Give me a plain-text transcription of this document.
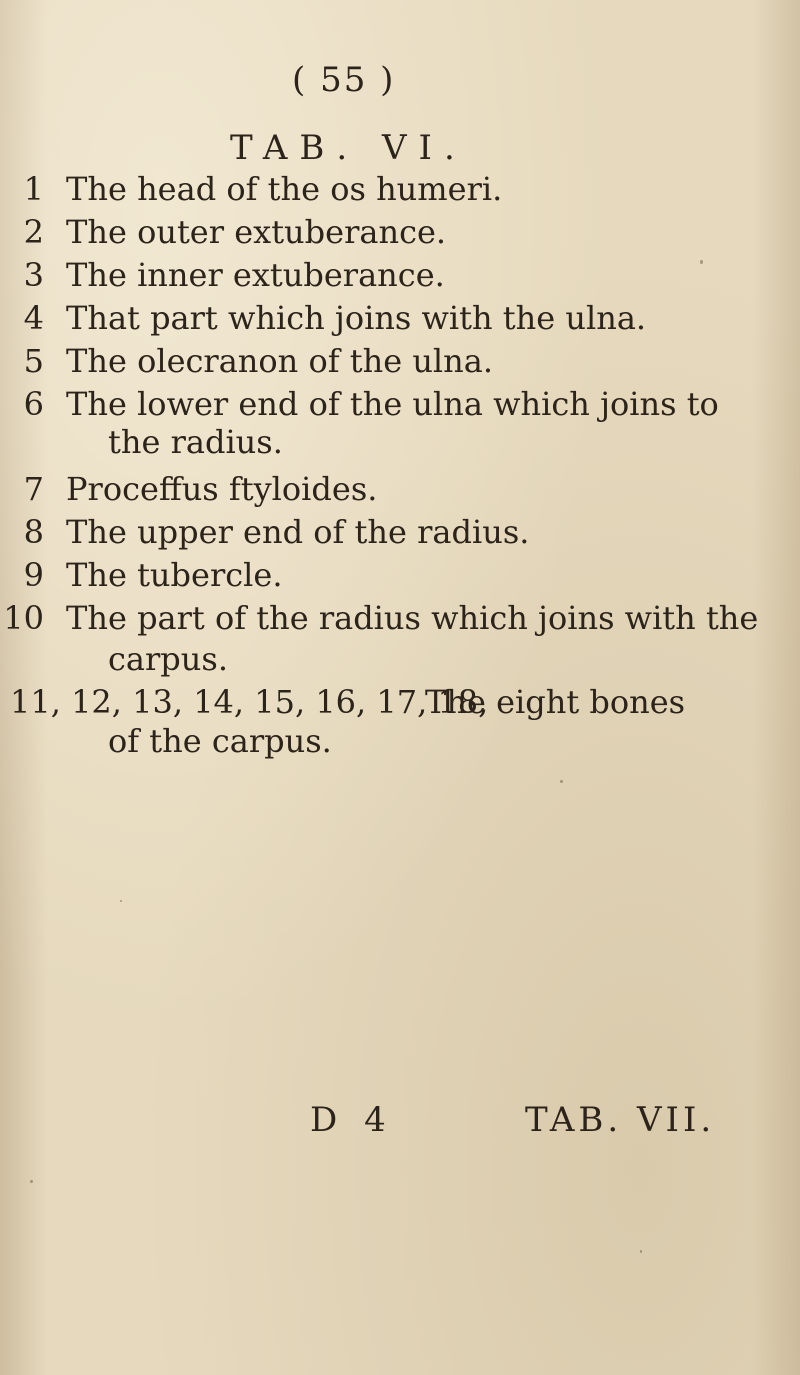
( 55 )
TAB. VI.
1 The head of the os humeri.
2 The outer extuberance.
3 The inner extuberance.
4 That part which joins with the ulna.
5 The olecranon of the ulna.
6 The lower end of the ulna which joins to
the radius.
7 Proceffus ftyloides.
8 The upper end of the radius.
9 The tubercle.
10 The part of the radius which joins with the
carpus.
11, 12, 13, 14, 15, 16, 17, 18,
The eight bones
of the carpus.
D 4	TAB. VII.
